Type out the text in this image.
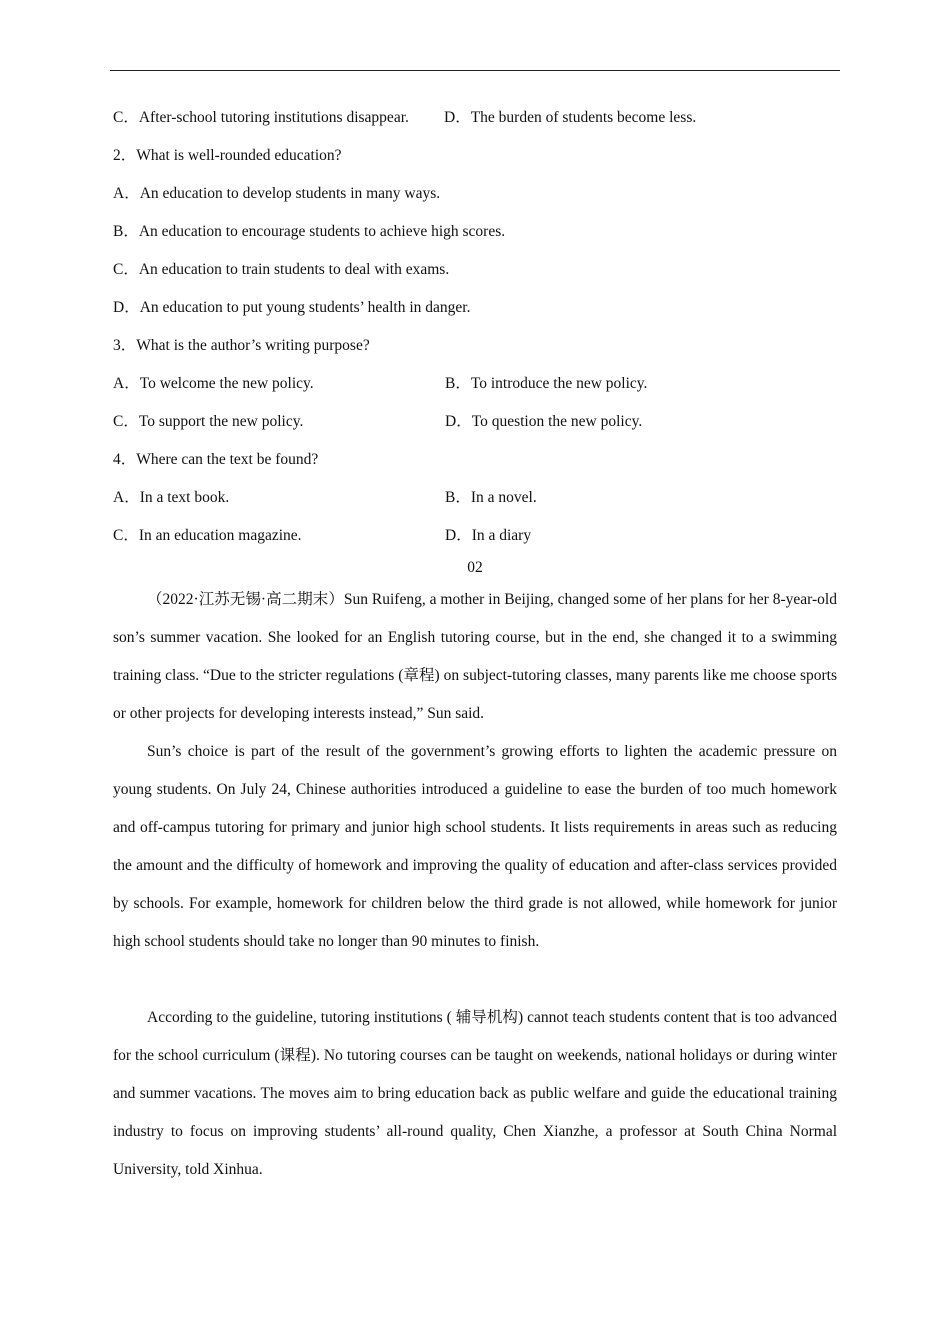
C．After-school tutoring institutions disappear. D．The burden of students become less.
2．What is well-rounded education?
A．An education to develop students in many ways.
B．An education to encourage students to achieve high scores.
C．An education to train students to deal with exams.
D．An education to put young students’ health in danger.
3．What is the author’s writing purpose?
A．To welcome the new policy.	B．To introduce the new policy.
C．To support the new policy.	D．To question the new policy.
4．Where can the text be found?
A．In a text book.	B．In a novel.
C．In an education magazine.	D．In a diary
02
（2022·江苏无锡·高二期末）Sun Ruifeng, a mother in Beijing, changed some of her plans for her 8-year-old son’s summer vacation. She looked for an English tutoring course, but in the end, she changed it to a swimming training class. “Due to the stricter regulations (章程) on subject-tutoring classes, many parents like me choose sports or other projects for developing interests instead,” Sun said.
Sun’s choice is part of the result of the government’s growing efforts to lighten the academic pressure on young students. On July 24, Chinese authorities introduced a guideline to ease the burden of too much homework and off-campus tutoring for primary and junior high school students. It lists requirements in areas such as reducing the amount and the difficulty of homework and improving the quality of education and after-class services provided by schools. For example, homework for children below the third grade is not allowed, while homework for junior high school students should take no longer than 90 minutes to finish.
According to the guideline, tutoring institutions ( 辅导机构) cannot teach students content that is too advanced for the school curriculum (课程). No tutoring courses can be taught on weekends, national holidays or during winter and summer vacations. The moves aim to bring education back as public welfare and guide the educational training industry to focus on improving students’ all-round quality, Chen Xianzhe, a professor at South China Normal University, told Xinhua.
